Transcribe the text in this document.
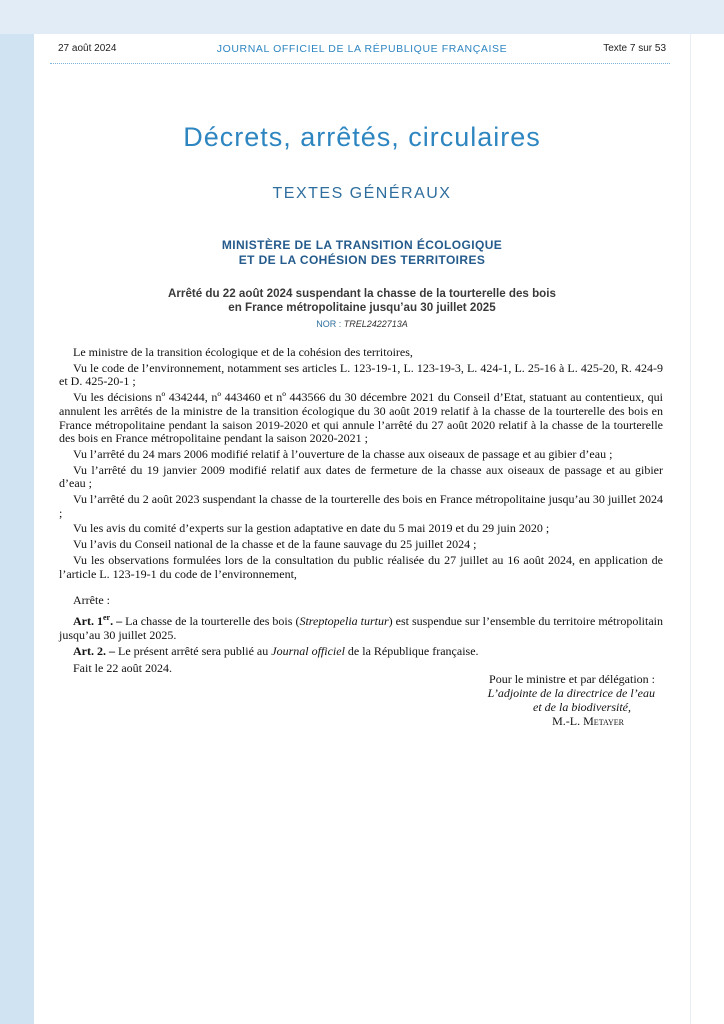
27 août 2024	JOURNAL OFFICIEL DE LA RÉPUBLIQUE FRANÇAISE	Texte 7 sur 53
Décrets, arrêtés, circulaires
TEXTES GÉNÉRAUX
MINISTÈRE DE LA TRANSITION ÉCOLOGIQUE
ET DE LA COHÉSION DES TERRITOIRES
Arrêté du 22 août 2024 suspendant la chasse de la tourterelle des bois
en France métropolitaine jusqu’au 30 juillet 2025
NOR : TREL2422713A

Le ministre de la transition écologique et de la cohésion des territoires,

Vu le code de l’environnement, notamment ses articles L. 123-19-1, L. 123-19-3, L. 424-1, L. 25-16 à L. 425-20, R. 424-9 et D. 425-20-1 ;

Vu les décisions nº 434244, nº 443460 et nº 443566 du 30 décembre 2021 du Conseil d’Etat, statuant au contentieux, qui annulent les arrêtés de la ministre de la transition écologique du 30 août 2019 relatif à la chasse de la tourterelle des bois en France métropolitaine pendant la saison 2019-2020 et qui annule l’arrêté du 27 août 2020 relatif à la chasse de la tourterelle des bois en France métropolitaine pendant la saison 2020-2021 ;

Vu l’arrêté du 24 mars 2006 modifié relatif à l’ouverture de la chasse aux oiseaux de passage et au gibier d’eau ;

Vu l’arrêté du 19 janvier 2009 modifié relatif aux dates de fermeture de la chasse aux oiseaux de passage et au gibier d’eau ;

Vu l’arrêté du 2 août 2023 suspendant la chasse de la tourterelle des bois en France métropolitaine jusqu’au 30 juillet 2024 ;

Vu les avis du comité d’experts sur la gestion adaptative en date du 5 mai 2019 et du 29 juin 2020 ;

Vu l’avis du Conseil national de la chasse et de la faune sauvage du 25 juillet 2024 ;

Vu les observations formulées lors de la consultation du public réalisée du 27 juillet au 16 août 2024, en application de l’article L. 123-19-1 du code de l’environnement,

Arrête :

Art. 1er. – La chasse de la tourterelle des bois (Streptopelia turtur) est suspendue sur l’ensemble du territoire métropolitain jusqu’au 30 juillet 2025.

Art. 2. – Le présent arrêté sera publié au Journal officiel de la République française.

Fait le 22 août 2024.

Pour le ministre et par délégation :
L’adjointe de la directrice de l’eau
et de la biodiversité,
M.-L. Metayer
